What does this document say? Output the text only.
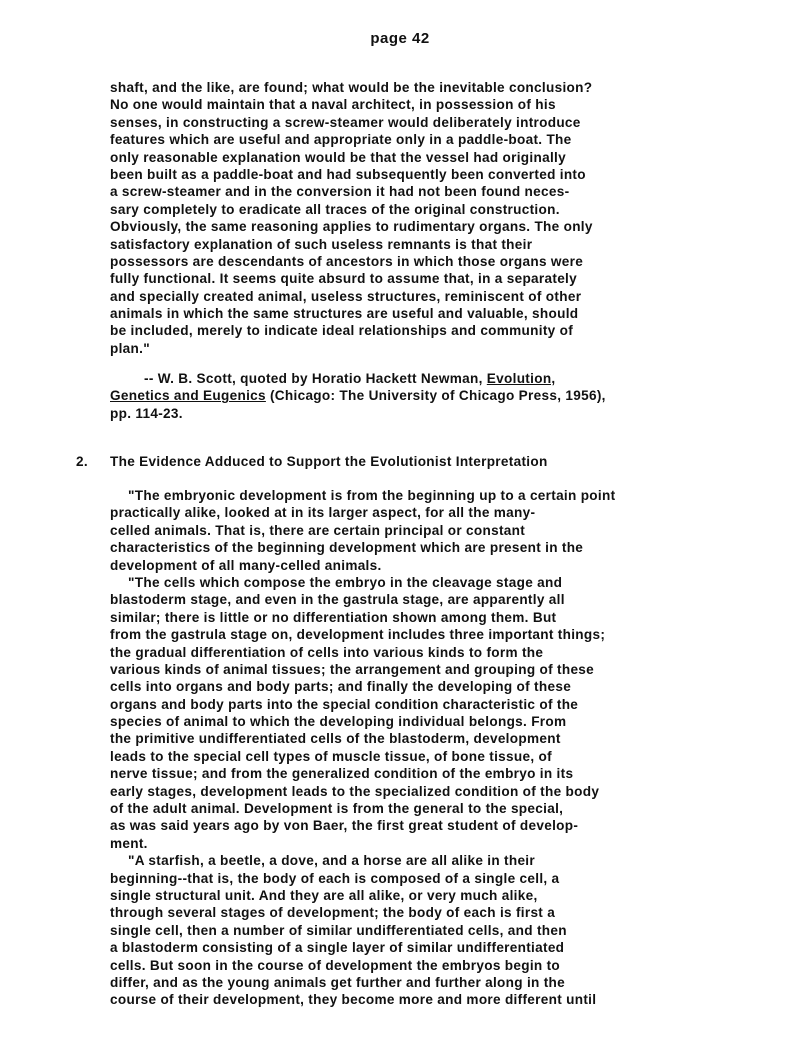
page 42
shaft, and the like, are found; what would be the inevitable conclusion?
No one would maintain that a naval architect, in possession of his
senses, in constructing a screw-steamer would deliberately introduce
features which are useful and appropriate only in a paddle-boat. The
only reasonable explanation would be that the vessel had originally
been built as a paddle-boat and had subsequently been converted into
a screw-steamer and in the conversion it had not been found neces-
sary completely to eradicate all traces of the original construction.
Obviously, the same reasoning applies to rudimentary organs. The only
satisfactory explanation of such useless remnants is that their
possessors are descendants of ancestors in which those organs were
fully functional. It seems quite absurd to assume that, in a separately
and specially created animal, useless structures, reminiscent of other
animals in which the same structures are useful and valuable, should
be included, merely to indicate ideal relationships and community of
plan."
-- W. B. Scott, quoted by Horatio Hackett Newman, Evolution,
Genetics and Eugenics (Chicago: The University of Chicago Press, 1956),
pp. 114-23.
2. The Evidence Adduced to Support the Evolutionist Interpretation
"The embryonic development is from the beginning up to a certain point
practically alike, looked at in its larger aspect, for all the many-
celled animals. That is, there are certain principal or constant
characteristics of the beginning development which are present in the
development of all many-celled animals.
"The cells which compose the embryo in the cleavage stage and
blastoderm stage, and even in the gastrula stage, are apparently all
similar; there is little or no differentiation shown among them. But
from the gastrula stage on, development includes three important things;
the gradual differentiation of cells into various kinds to form the
various kinds of animal tissues; the arrangement and grouping of these
cells into organs and body parts; and finally the developing of these
organs and body parts into the special condition characteristic of the
species of animal to which the developing individual belongs. From
the primitive undifferentiated cells of the blastoderm, development
leads to the special cell types of muscle tissue, of bone tissue, of
nerve tissue; and from the generalized condition of the embryo in its
early stages, development leads to the specialized condition of the body
of the adult animal. Development is from the general to the special,
as was said years ago by von Baer, the first great student of develop-
ment.
"A starfish, a beetle, a dove, and a horse are all alike in their
beginning--that is, the body of each is composed of a single cell, a
single structural unit. And they are all alike, or very much alike,
through several stages of development; the body of each is first a
single cell, then a number of similar undifferentiated cells, and then
a blastoderm consisting of a single layer of similar undifferentiated
cells. But soon in the course of development the embryos begin to
differ, and as the young animals get further and further along in the
course of their development, they become more and more different until
